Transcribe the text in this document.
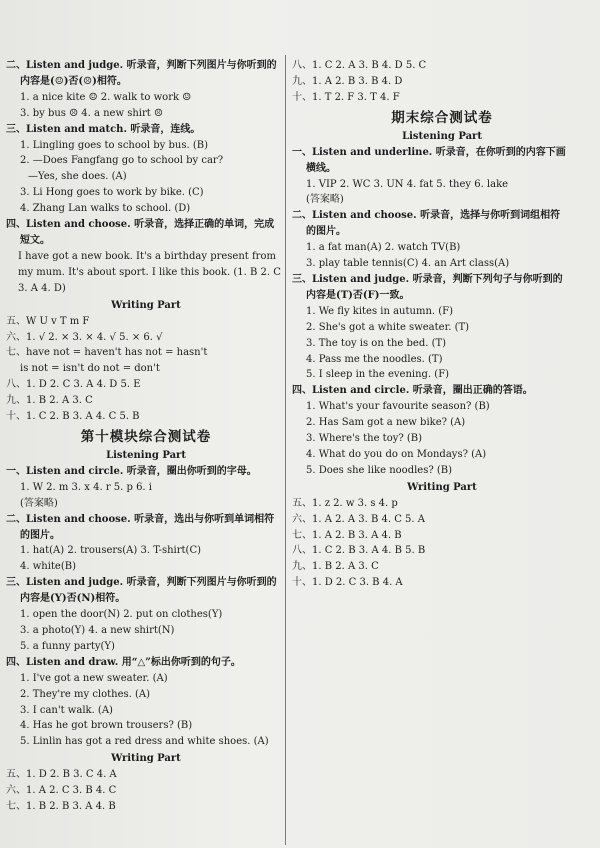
二、Listen and judge. 听录音，判断下列图片与你听到的
内容是(☺)否(☹)相符。
1. a nice kite ☺ 2. walk to work ☺
3. by bus ☹ 4. a new shirt ☹
三、Listen and match. 听录音，连线。
1. Lingling goes to school by bus. (B)
2. —Does Fangfang go to school by car?
—Yes, she does. (A)
3. Li Hong goes to work by bike. (C)
4. Zhang Lan walks to school. (D)
四、Listen and choose. 听录音，选择正确的单词，完成
短文。
I have got a new book. It's a birthday present from my mum. It's about sport. I like this book. (1. B 2. C 3. A 4. D)
Writing Part
五、W U v T m F
六、1. √ 2. × 3. × 4. √ 5. × 6. √
七、have not = haven't has not = hasn't
is not = isn't do not = don't
八、1. D 2. C 3. A 4. D 5. E
九、1. B 2. A 3. C
十、1. C 2. B 3. A 4. C 5. B
第十模块综合测试卷
Listening Part
一、Listen and circle. 听录音，圈出你听到的字母。
1. W 2. m 3. x 4. r 5. p 6. i
(答案略)
二、Listen and choose. 听录音，选出与你听到单词相符
的图片。
1. hat(A) 2. trousers(A) 3. T-shirt(C)
4. white(B)
三、Listen and judge. 听录音，判断下列图片与你听到的
内容是(Y)否(N)相符。
1. open the door(N) 2. put on clothes(Y)
3. a photo(Y) 4. a new shirt(N)
5. a funny party(Y)
四、Listen and draw. 用“△”标出你听到的句子。
1. I've got a new sweater. (A)
2. They're my clothes. (A)
3. I can't walk. (A)
4. Has he got brown trousers? (B)
5. Linlin has got a red dress and white shoes. (A)
Writing Part
五、1. D 2. B 3. C 4. A
六、1. A 2. C 3. B 4. C
七、1. B 2. B 3. A 4. B
八、1. C 2. A 3. B 4. D 5. C
九、1. A 2. B 3. B 4. D
十、1. T 2. F 3. T 4. F
期末综合测试卷
Listening Part
一、Listen and underline. 听录音，在你听到的内容下画
横线。
1. VIP 2. WC 3. UN 4. fat 5. they 6. lake
(答案略)
二、Listen and choose. 听录音，选择与你听到词组相符
的图片。
1. a fat man(A) 2. watch TV(B)
3. play table tennis(C) 4. an Art class(A)
三、Listen and judge. 听录音，判断下列句子与你听到的
内容是(T)否(F)一致。
1. We fly kites in autumn. (F)
2. She's got a white sweater. (T)
3. The toy is on the bed. (T)
4. Pass me the noodles. (T)
5. I sleep in the evening. (F)
四、Listen and circle. 听录音，圈出正确的答语。
1. What's your favourite season? (B)
2. Has Sam got a new bike? (A)
3. Where's the toy? (B)
4. What do you do on Mondays? (A)
5. Does she like noodles? (B)
Writing Part
五、1. z 2. w 3. s 4. p
六、1. A 2. A 3. B 4. C 5. A
七、1. A 2. B 3. A 4. B
八、1. C 2. B 3. A 4. B 5. B
九、1. B 2. A 3. C
十、1. D 2. C 3. B 4. A
